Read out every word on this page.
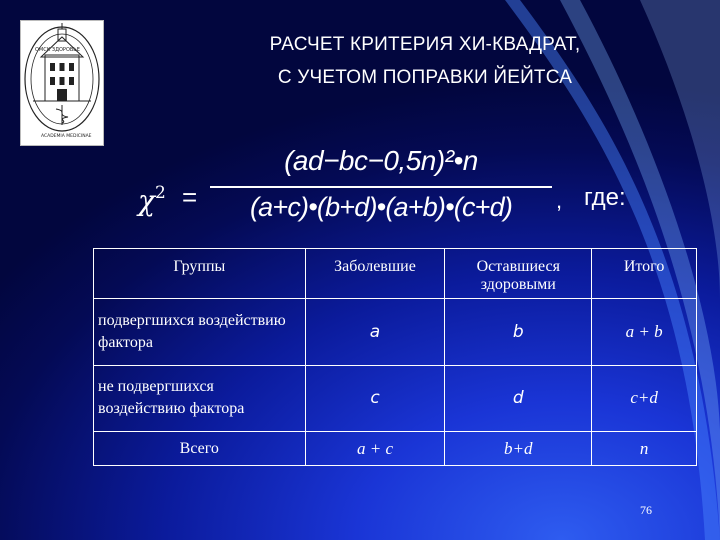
ОМСК ЗДОРОВЬЕ
ACADEMIA MEDICINAE
РАСЧЕТ КРИТЕРИЯ ХИ-КВАДРАТ,
С УЧЕТОМ ПОПРАВКИ ЙЕЙТСА
$\chi^2$ =
(ad−bc−0,5n)²•n
(a+c)•(b+d)•(a+b)•(c+d)	, где:
Группы	Заболевшие	Оставшиеся здоровыми	Итого
подвергшихся воздействию фактора	a	b	a + b
не подвергшихся воздействию фактора	c	d	c+d
Всего	a + c	b+d	n
76
